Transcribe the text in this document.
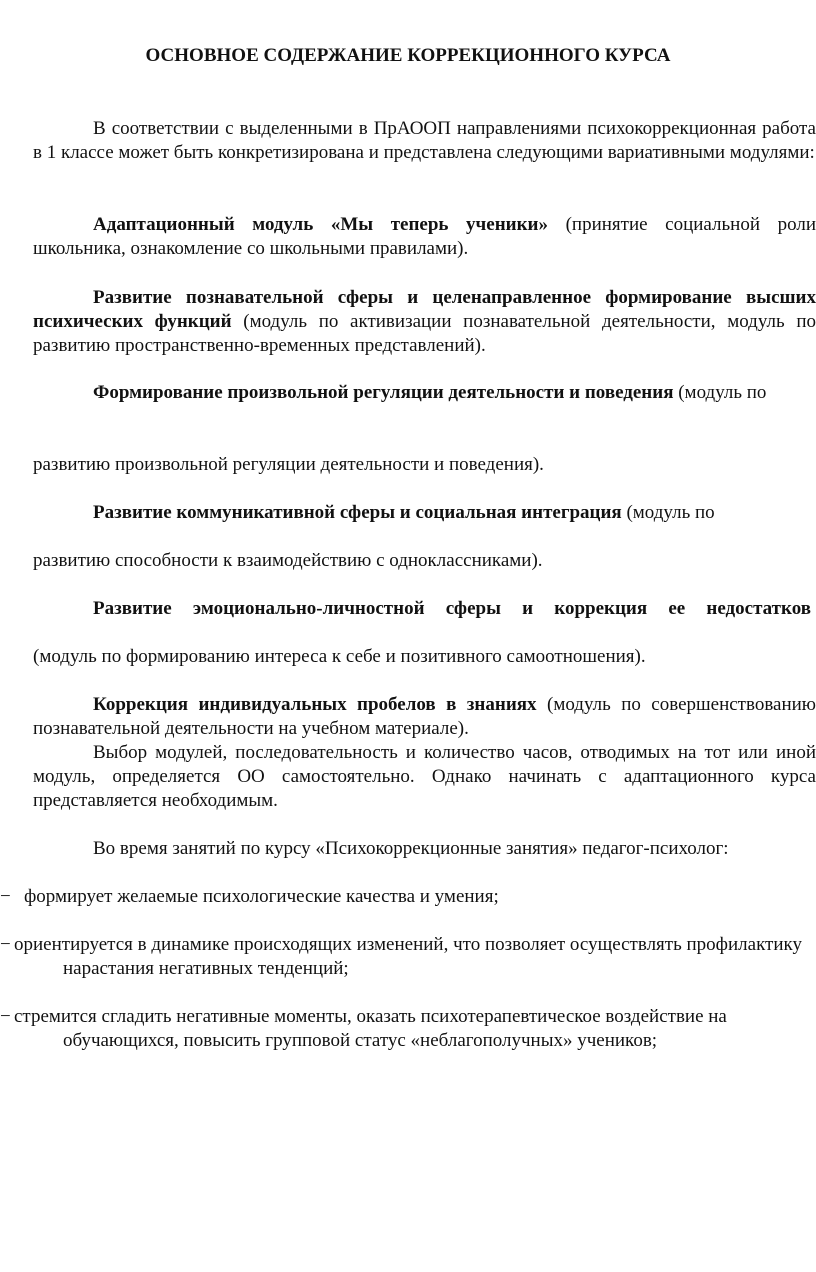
ОСНОВНОЕ СОДЕРЖАНИЕ КОРРЕКЦИОННОГО КУРСА

В соответствии с выделенными в ПрАООП направлениями психокоррекционная работа в 1 классе может быть конкретизирована и представлена следующими вариативными модулями:

Адаптационный модуль «Мы теперь ученики» (принятие социальной роли школьника, ознакомление со школьными правилами).

Развитие познавательной сферы и целенаправленное формирование высших психических функций (модуль по активизации познавательной деятельности, модуль по развитию пространственно-временных представлений).

Формирование произвольной регуляции деятельности и поведения (модуль по

развитию произвольной регуляции деятельности и поведения).

Развитие коммуникативной сферы и социальная интеграция (модуль по

развитию способности к взаимодействию с одноклассниками).

Развитие эмоционально-личностной сферы и коррекция ее недостатков

(модуль по формированию интереса к себе и позитивного самоотношения).

Коррекция индивидуальных пробелов в знаниях (модуль по совершенствованию познавательной деятельности на учебном материале).

Выбор модулей, последовательность и количество часов, отводимых на тот или иной модуль, определяется ОО самостоятельно. Однако начинать с адаптационного курса представляется необходимым.

Во время занятий по курсу «Психокоррекционные занятия» педагог-психолог:

− формирует желаемые психологические качества и умения;
− ориентируется в динамике происходящих изменений, что позволяет осуществлять профилактику нарастания негативных тенденций;
− стремится сгладить негативные моменты, оказать психотерапевтическое воздействие на обучающихся, повысить групповой статус «неблагополучных» учеников;
